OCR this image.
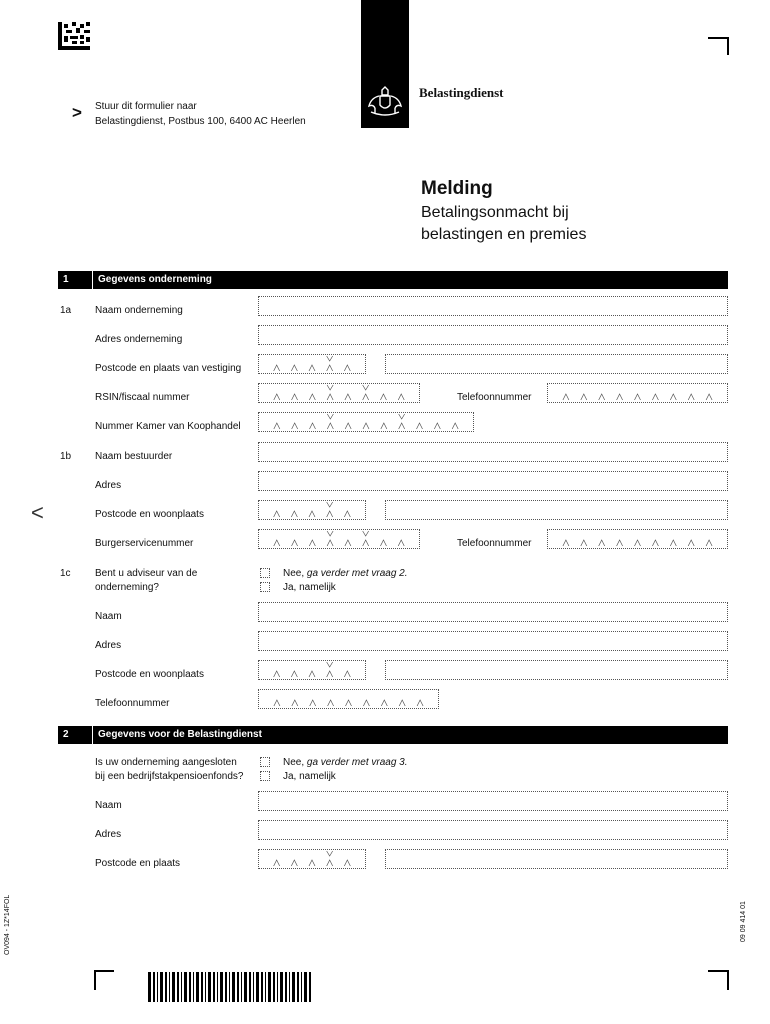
> Stuur dit formulier naar
Belastingdienst, Postbus 100, 6400 AC Heerlen
Belastingdienst
Melding
Betalingsonmacht bij
belastingen en premies
1	Gegevens onderneming
1a Naam onderneming
Adres onderneming
Postcode en plaats van vestiging
RSIN/fiscaal nummer	Telefoonnummer
Nummer Kamer van Koophandel
1b Naam bestuurder
Adres
<	Postcode en woonplaats
Burgerservicenummer	Telefoonnummer
1c Bent u adviseur van de
onderneming?
Nee, ga verder met vraag 2.
Ja, namelijk
Naam
Adres
Postcode en woonplaats
Telefoonnummer
2	Gegevens voor de Belastingdienst
Is uw onderneming aangesloten
bij een bedrijfstakpensioenfonds?
Nee, ga verder met vraag 3.
Ja, namelijk
Naam
Adres
Postcode en plaats
OV094 - 1Z*14FOL	09 09 414 01
